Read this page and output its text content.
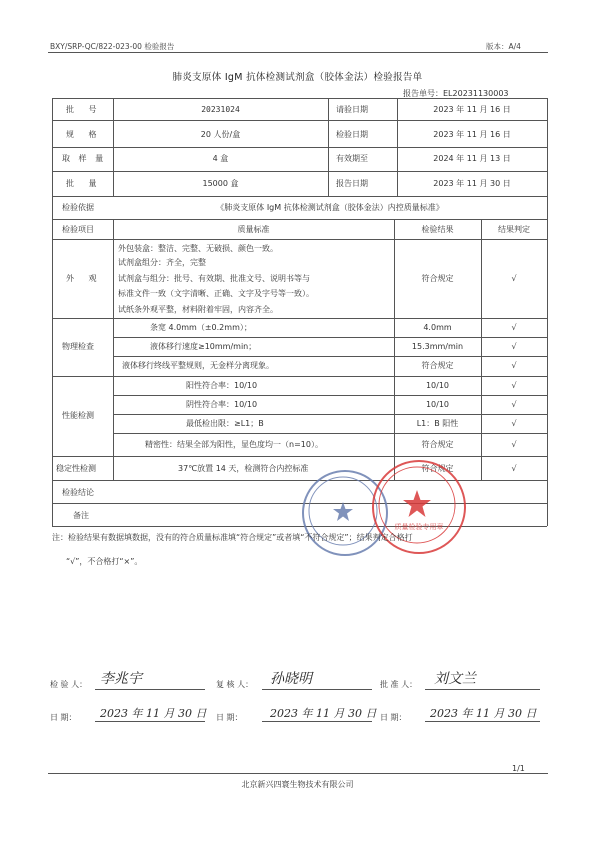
BXY/SRP-QC/822-023-00 检验报告	版本：A/4
肺炎支原体 IgM 抗体检测试剂盒（胶体金法）检验报告单
报告单号：EL20231130003
批 号	20231024	请验日期	2023 年 11 月 16 日
规 格	20 人份/盒	检验日期	2023 年 11 月 16 日
取 样 量	4 盒	有效期至	2024 年 11 月 13 日
批 量	15000 盒	报告日期	2023 年 11 月 30 日
检验依据	《肺炎支原体 IgM 抗体检测试剂盒（胶体金法）内控质量标准》
检验项目	质量标准	检验结果	结果判定
外 观
外包装盒：整洁、完整、无破损、颜色一致。
试剂盒组分：齐全，完整
试剂盒与组分：批号、有效期、批准文号、说明书等与
标准文件一致（文字清晰、正确、文字及字号等一致）。
试纸条外观平整，材料附着牢固，内容齐全。
符合规定	√
物理检查
条宽 4.0mm（±0.2mm）；	4.0mm	√
液体移行速度≥10mm/min；	15.3mm/min	√
液体移行终线平整规则，无金样分离现象。	符合规定	√
性能检测
阳性符合率：10/10	10/10	√
阴性符合率：10/10	10/10	√
最低检出限：≥L1；B	L1：B 阳性	√
精密性：结果全部为阳性，显色度均一（n=10）。	符合规定	√
稳定性检测	37℃放置 14 天，检测符合内控标准	符合规定	√
检验结论
备注
质量检验专用章
注：检验结果有数据填数据，没有的符合质量标准填“符合规定”或者填“不符合规定”；结果判定合格打
“√”，不合格打“×”。
检 验 人： 李兆宇	复 核 人： 孙晓明	批 准 人： 刘文兰
日 期： 2023 年 11 月 30 日 日 期： 2023 年 11 月 30 日 日 期： 2023 年 11 月 30 日
1/1
北京新兴四寰生物技术有限公司
